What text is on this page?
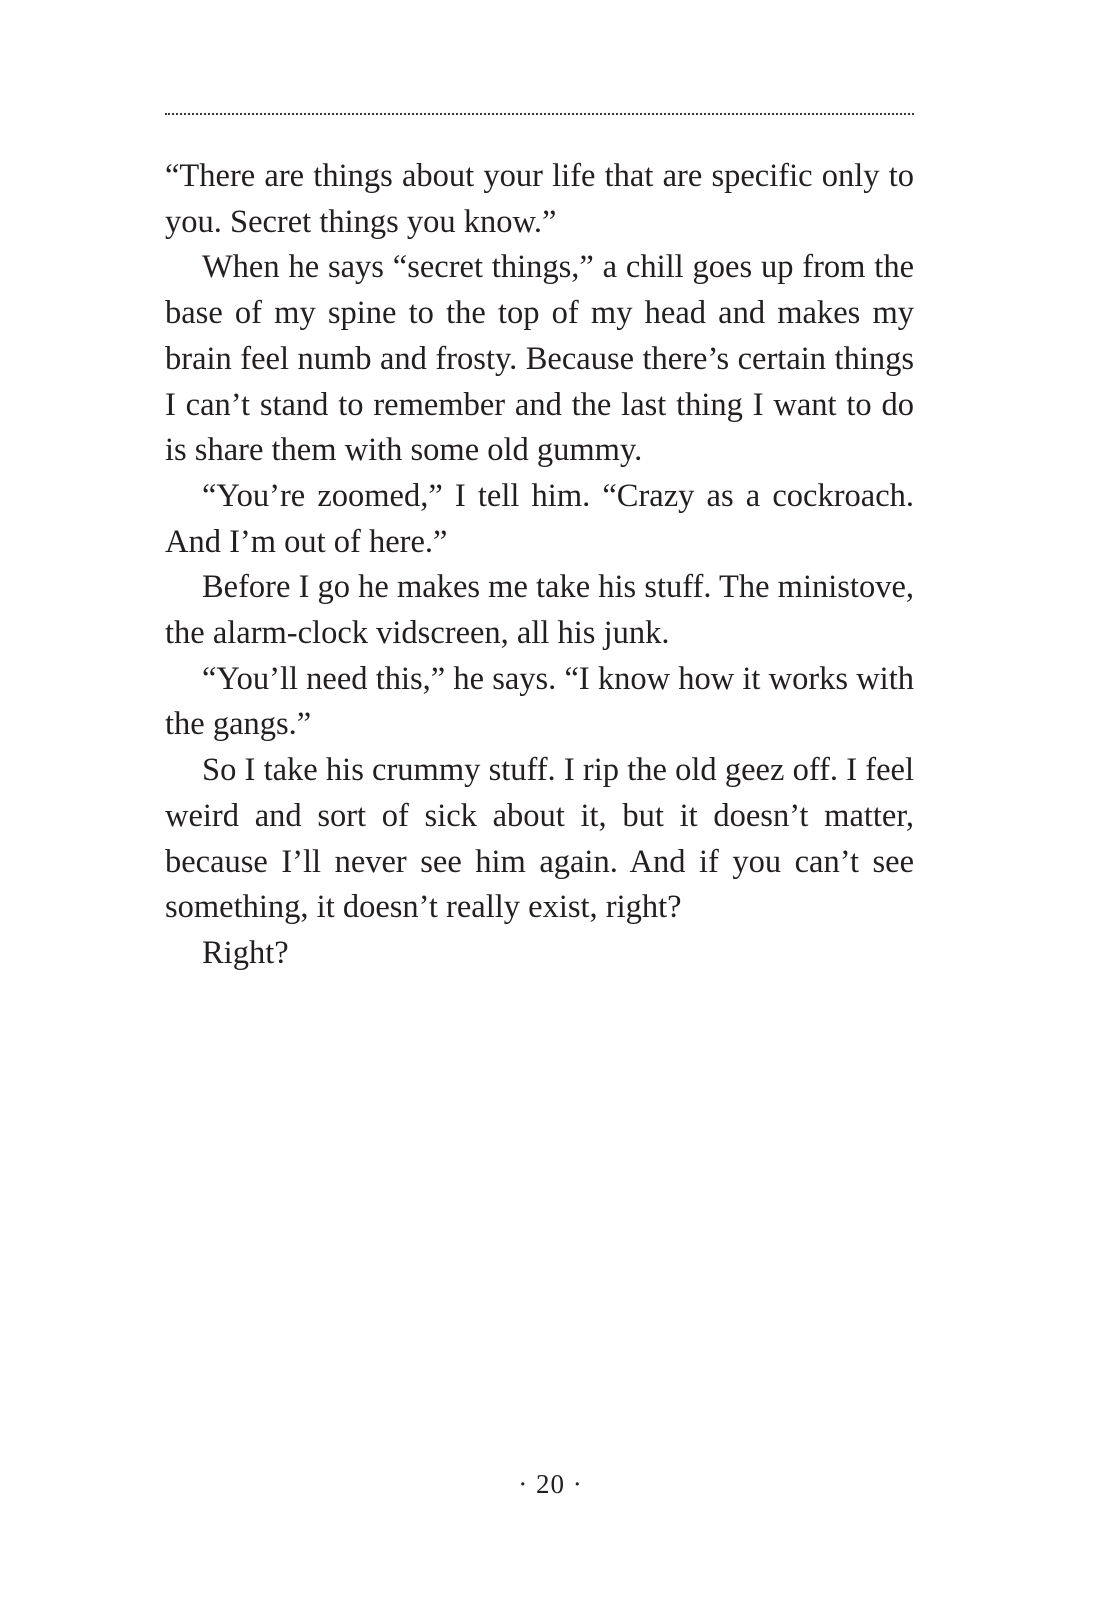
“There are things about your life that are specific only to you. Secret things you know.”

When he says “secret things,” a chill goes up from the base of my spine to the top of my head and makes my brain feel numb and frosty. Because there’s certain things I can’t stand to remember and the last thing I want to do is share them with some old gummy.

“You’re zoomed,” I tell him. “Crazy as a cockroach. And I’m out of here.”

Before I go he makes me take his stuff. The ministove, the alarm-clock vidscreen, all his junk.

“You’ll need this,” he says. “I know how it works with the gangs.”

So I take his crummy stuff. I rip the old geez off. I feel weird and sort of sick about it, but it doesn’t matter, because I’ll never see him again. And if you can’t see something, it doesn’t really exist, right?

Right?

· 20 ·
